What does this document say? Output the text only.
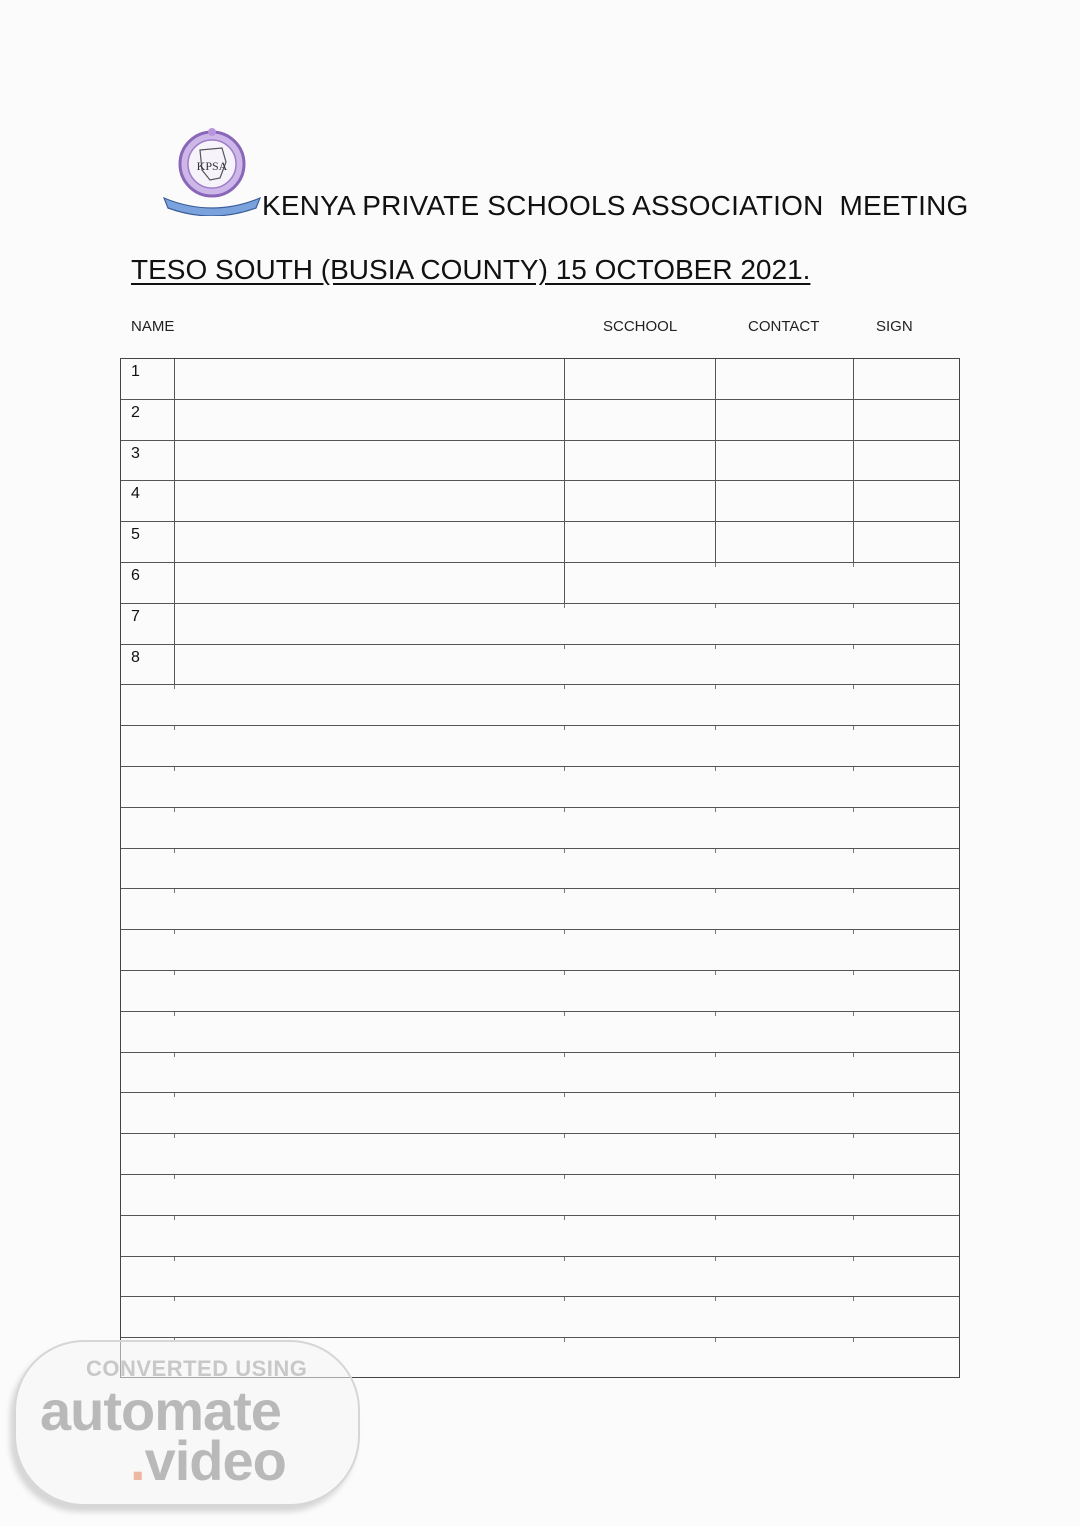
KPSA
KENYA PRIVATE SCHOOLS ASSOCIATION  MEETING
TESO SOUTH (BUSIA COUNTY) 15 OCTOBER 2021.
NAME	SCCHOOL	CONTACT	SIGN
1
2
3
4
5
6
7
8
CONVERTED USING
automate
.video
